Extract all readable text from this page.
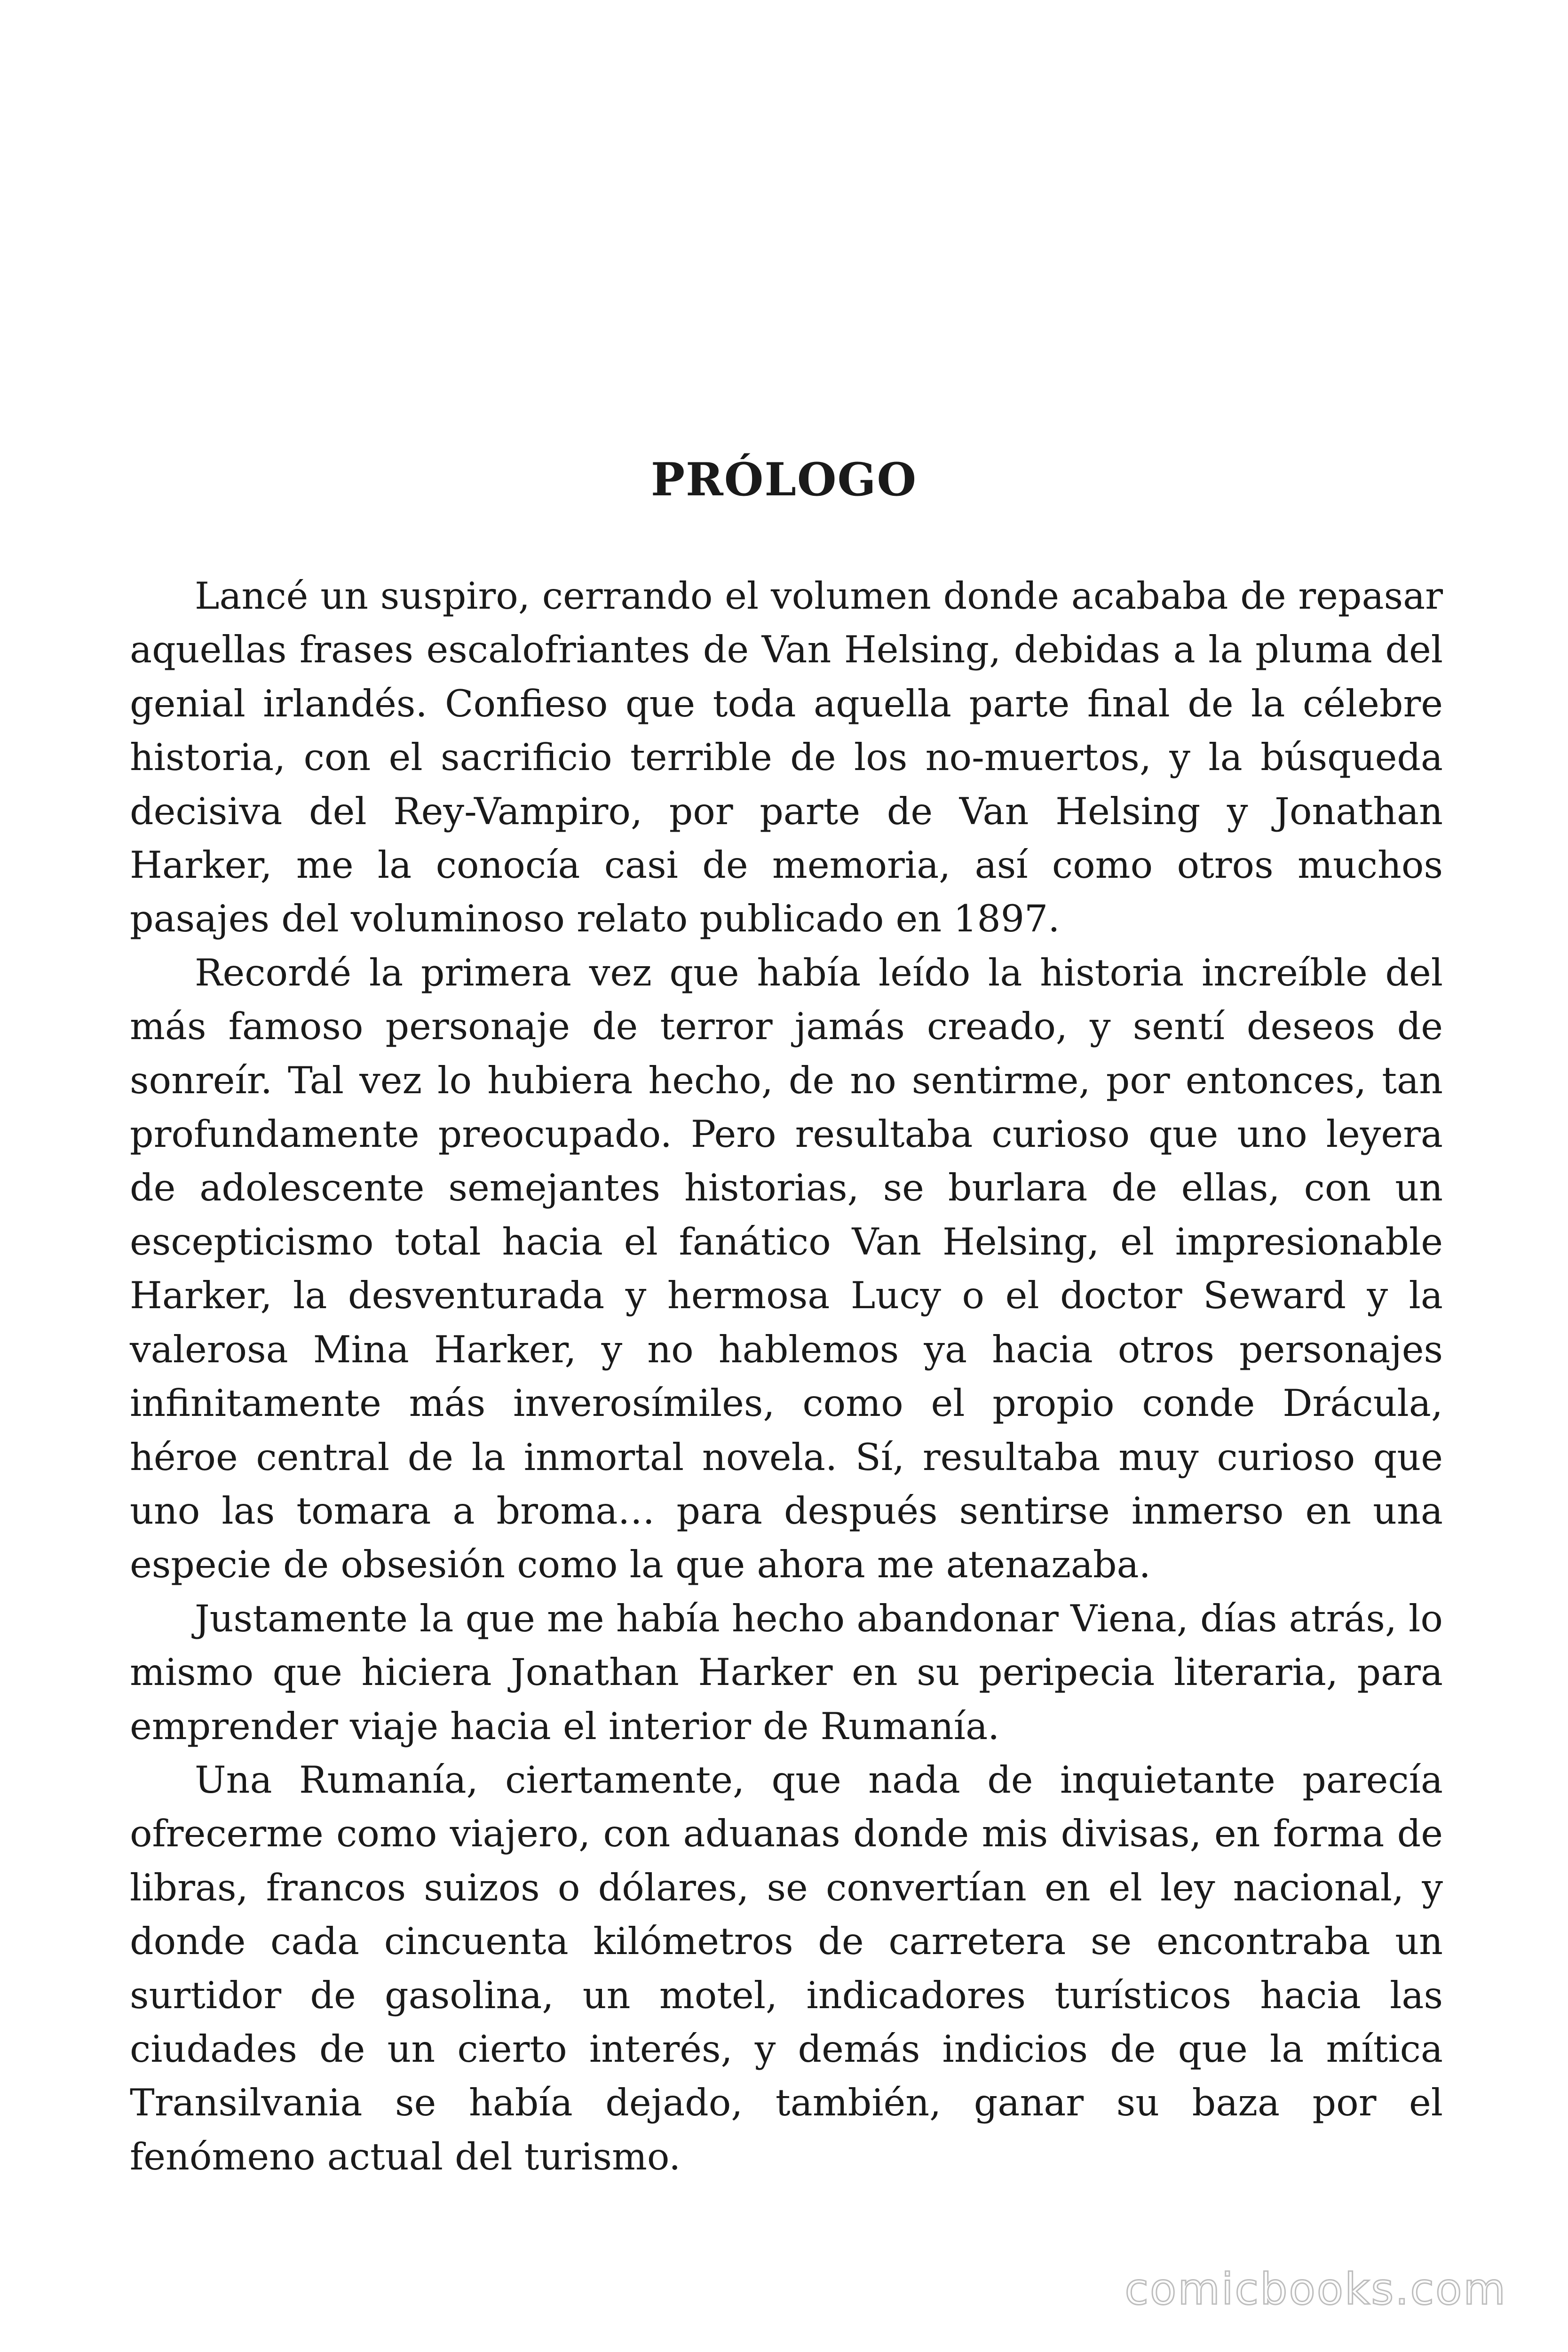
PRÓLOGO

Lancé un suspiro, cerrando el volumen donde acababa de repasar aquellas frases escalofriantes de Van Helsing, debidas a la pluma del genial irlandés. Confieso que toda aquella parte final de la célebre historia, con el sacrificio terrible de los no-muertos, y la búsqueda decisiva del Rey-Vampiro, por parte de Van Helsing y Jonathan Harker, me la conocía casi de memoria, así como otros muchos pasajes del voluminoso relato publicado en 1897.

Recordé la primera vez que había leído la historia increíble del más famoso personaje de terror jamás creado, y sentí deseos de sonreír. Tal vez lo hubiera hecho, de no sentirme, por entonces, tan profundamente preocupado. Pero resultaba curioso que uno leyera de adolescente semejantes historias, se burlara de ellas, con un escepticismo total hacia el fanático Van Helsing, el impresionable Harker, la desventurada y hermosa Lucy o el doctor Seward y la valerosa Mina Harker, y no hablemos ya hacia otros personajes infinitamente más inverosímiles, como el propio conde Drácula, héroe central de la inmortal novela. Sí, resultaba muy curioso que uno las tomara a broma… para después sentirse inmerso en una especie de obsesión como la que ahora me atenazaba.

Justamente la que me había hecho abandonar Viena, días atrás, lo mismo que hiciera Jonathan Harker en su peripecia literaria, para emprender viaje hacia el interior de Rumanía.

Una Rumanía, ciertamente, que nada de inquietante parecía ofrecerme como viajero, con aduanas donde mis divisas, en forma de libras, francos suizos o dólares, se convertían en el ley nacional, y donde cada cincuenta kilómetros de carretera se encontraba un surtidor de gasolina, un motel, indicadores turísticos hacia las ciudades de un cierto interés, y demás indicios de que la mítica Transilvania se había dejado, también, ganar su baza por el fenómeno actual del turismo.

comicbooks.com
